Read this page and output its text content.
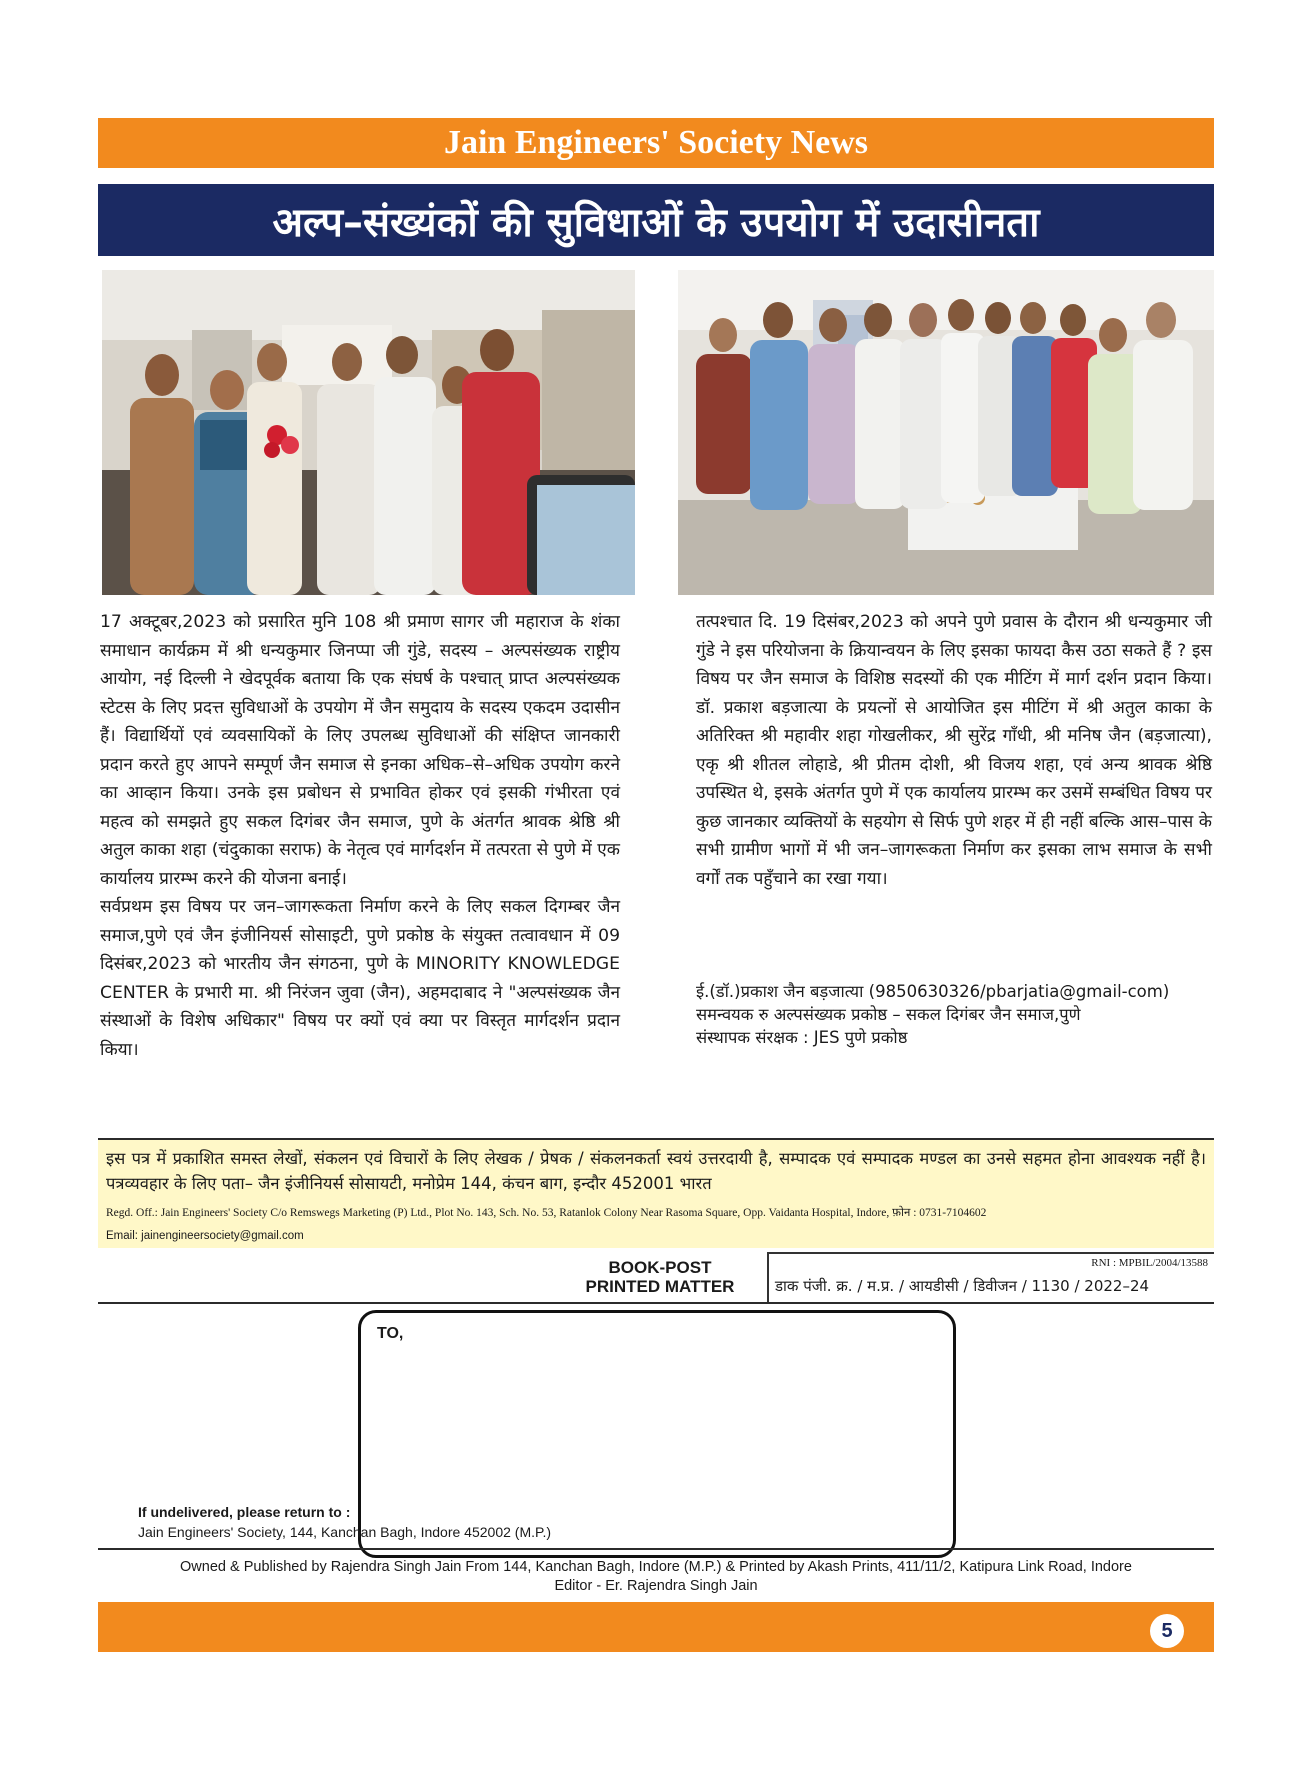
Jain Engineers' Society News
अल्प–संख्यंकों की सुविधाओं के उपयोग में उदासीनता

17 अक्टूबर,2023 को प्रसारित मुनि 108 श्री प्रमाण सागर जी महाराज के शंका समाधान कार्यक्रम में श्री धन्यकुमार जिनप्पा जी गुंडे, सदस्य – अल्पसंख्यक राष्ट्रीय आयोग, नई दिल्ली ने खेदपूर्वक बताया कि एक संघर्ष के पश्चात् प्राप्त अल्पसंख्यक स्टेटस के लिए प्रदत्त सुविधाओं के उपयोग में जैन समुदाय के सदस्य एकदम उदासीन हैं। विद्यार्थियों एवं व्यवसायिकों के लिए उपलब्ध सुविधाओं की संक्षिप्त जानकारी प्रदान करते हुए आपने सम्पूर्ण जैन समाज से इनका अधिक–से–अधिक उपयोग करने का आव्हान किया। उनके इस प्रबोधन से प्रभावित होकर एवं इसकी गंभीरता एवं महत्व को समझते हुए सकल दिगंबर जैन समाज, पुणे के अंतर्गत श्रावक श्रेष्ठि श्री अतुल काका शहा (चंदुकाका सराफ) के नेतृत्व एवं मार्गदर्शन में तत्परता से पुणे में एक कार्यालय प्रारम्भ करने की योजना बनाई।

सर्वप्रथम इस विषय पर जन–जागरूकता निर्माण करने के लिए सकल दिगम्बर जैन समाज,पुणे एवं जैन इंजीनियर्स सोसाइटी, पुणे प्रकोष्ठ के संयुक्त तत्वावधान में 09 दिसंबर,2023 को भारतीय जैन संगठना, पुणे के MINORITY KNOWLEDGE CENTER के प्रभारी मा. श्री निरंजन जुवा (जैन), अहमदाबाद ने "अल्पसंख्यक जैन संस्थाओं के विशेष अधिकार" विषय पर क्यों एवं क्या पर विस्तृत मार्गदर्शन प्रदान किया।

तत्पश्चात दि. 19 दिसंबर,2023 को अपने पुणे प्रवास के दौरान श्री धन्यकुमार जी गुंडे ने इस परियोजना के क्रियान्वयन के लिए इसका फायदा कैस उठा सकते हैं ? इस विषय पर जैन समाज के विशिष्ठ सदस्यों की एक मीटिंग में मार्ग दर्शन प्रदान किया। डॉ. प्रकाश बड़जात्या के प्रयत्नों से आयोजित इस मीटिंग में श्री अतुल काका के अतिरिक्त श्री महावीर शहा गोखलीकर, श्री सुरेंद्र गाँधी, श्री मनिष जैन (बड़जात्या), एकृ श्री शीतल लोहाडे, श्री प्रीतम दोशी, श्री विजय शहा, एवं अन्य श्रावक श्रेष्ठि उपस्थित थे, इसके अंतर्गत पुणे में एक कार्यालय प्रारम्भ कर उसमें सम्बंधित विषय पर कुछ जानकार व्यक्तियों के सहयोग से सिर्फ पुणे शहर में ही नहीं बल्कि आस–पास के सभी ग्रामीण भागों में भी जन–जागरूकता निर्माण कर इसका लाभ समाज के सभी वर्गों तक पहुँचाने का रखा गया।

ई.(डॉ.)प्रकाश जैन बड़जात्या (9850630326/pbarjatia@gmail-com)
समन्वयक रु अल्पसंख्यक प्रकोष्ठ – सकल दिगंबर जैन समाज,पुणे
संस्थापक संरक्षक : JES पुणे प्रकोष्ठ
इस पत्र में प्रकाशित समस्त लेखों, संकलन एवं विचारों के लिए लेखक / प्रेषक / संकलनकर्ता स्वयं उत्तरदायी है, सम्पादक एवं सम्पादक मण्डल का उनसे सहमत होना आवश्यक नहीं है। पत्रव्यवहार के लिए पता– जैन इंजीनियर्स सोसायटी, मनोप्रेम 144, कंचन बाग, इन्दौर 452001 भारत
Regd. Off.: Jain Engineers' Society C/o Remswegs Marketing (P) Ltd., Plot No. 143, Sch. No. 53, Ratanlok Colony Near Rasoma Square, Opp. Vaidanta Hospital, Indore, फ़ोन : 0731-7104602
Email: jainengineersociety@gmail.com
BOOK-POST
PRINTED MATTER
RNI : MPBIL/2004/13588
डाक पंजी. क्र. / म.प्र. / आयडीसी / डिवीजन / 1130 / 2022–24
TO,
If undelivered, please return to :
Jain Engineers' Society, 144, Kanchan Bagh, Indore 452002 (M.P.)
Owned & Published by Rajendra Singh Jain From 144, Kanchan Bagh, Indore (M.P.) & Printed by Akash Prints, 411/11/2, Katipura Link Road, Indore
Editor - Er. Rajendra Singh Jain
5
